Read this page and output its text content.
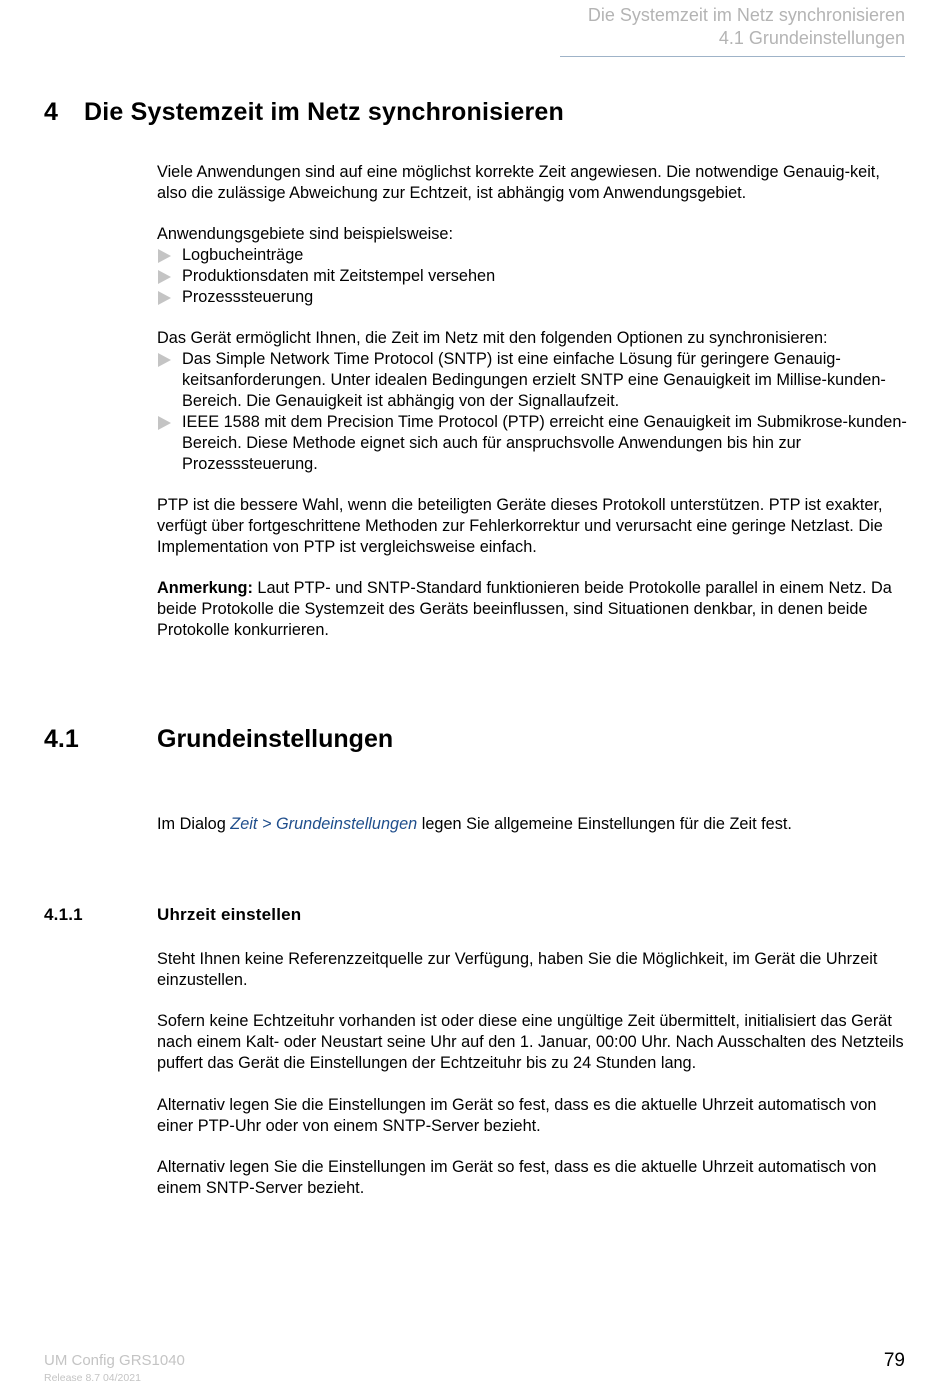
Die Systemzeit im Netz synchronisieren
4.1 Grundeinstellungen
4 Die Systemzeit im Netz synchronisieren
Viele Anwendungen sind auf eine möglichst korrekte Zeit angewiesen. Die notwendige Genauig-keit, also die zulässige Abweichung zur Echtzeit, ist abhängig vom Anwendungsgebiet.
Anwendungsgebiete sind beispielsweise:
Logbucheinträge
Produktionsdaten mit Zeitstempel versehen
Prozesssteuerung
Das Gerät ermöglicht Ihnen, die Zeit im Netz mit den folgenden Optionen zu synchronisieren:
Das Simple Network Time Protocol (SNTP) ist eine einfache Lösung für geringere Genauig-keitsanforderungen. Unter idealen Bedingungen erzielt SNTP eine Genauigkeit im Millise-kunden-Bereich. Die Genauigkeit ist abhängig von der Signallaufzeit.
IEEE 1588 mit dem Precision Time Protocol (PTP) erreicht eine Genauigkeit im Submikrose-kunden-Bereich. Diese Methode eignet sich auch für anspruchsvolle Anwendungen bis hin zur Prozesssteuerung.
PTP ist die bessere Wahl, wenn die beteiligten Geräte dieses Protokoll unterstützen. PTP ist exakter, verfügt über fortgeschrittene Methoden zur Fehlerkorrektur und verursacht eine geringe Netzlast. Die Implementation von PTP ist vergleichsweise einfach.
Anmerkung: Laut PTP- und SNTP-Standard funktionieren beide Protokolle parallel in einem Netz. Da beide Protokolle die Systemzeit des Geräts beeinflussen, sind Situationen denkbar, in denen beide Protokolle konkurrieren.
4.1	Grundeinstellungen
Im Dialog Zeit > Grundeinstellungen legen Sie allgemeine Einstellungen für die Zeit fest.
4.1.1	Uhrzeit einstellen
Steht Ihnen keine Referenzzeitquelle zur Verfügung, haben Sie die Möglichkeit, im Gerät die Uhrzeit einzustellen.
Sofern keine Echtzeituhr vorhanden ist oder diese eine ungültige Zeit übermittelt, initialisiert das Gerät nach einem Kalt- oder Neustart seine Uhr auf den 1. Januar, 00:00 Uhr. Nach Ausschalten des Netzteils puffert das Gerät die Einstellungen der Echtzeituhr bis zu 24 Stunden lang.
Alternativ legen Sie die Einstellungen im Gerät so fest, dass es die aktuelle Uhrzeit automatisch von einer PTP-Uhr oder von einem SNTP-Server bezieht.
Alternativ legen Sie die Einstellungen im Gerät so fest, dass es die aktuelle Uhrzeit automatisch von einem SNTP-Server bezieht.
UM Config GRS1040
Release 8.7 04/2021
79
